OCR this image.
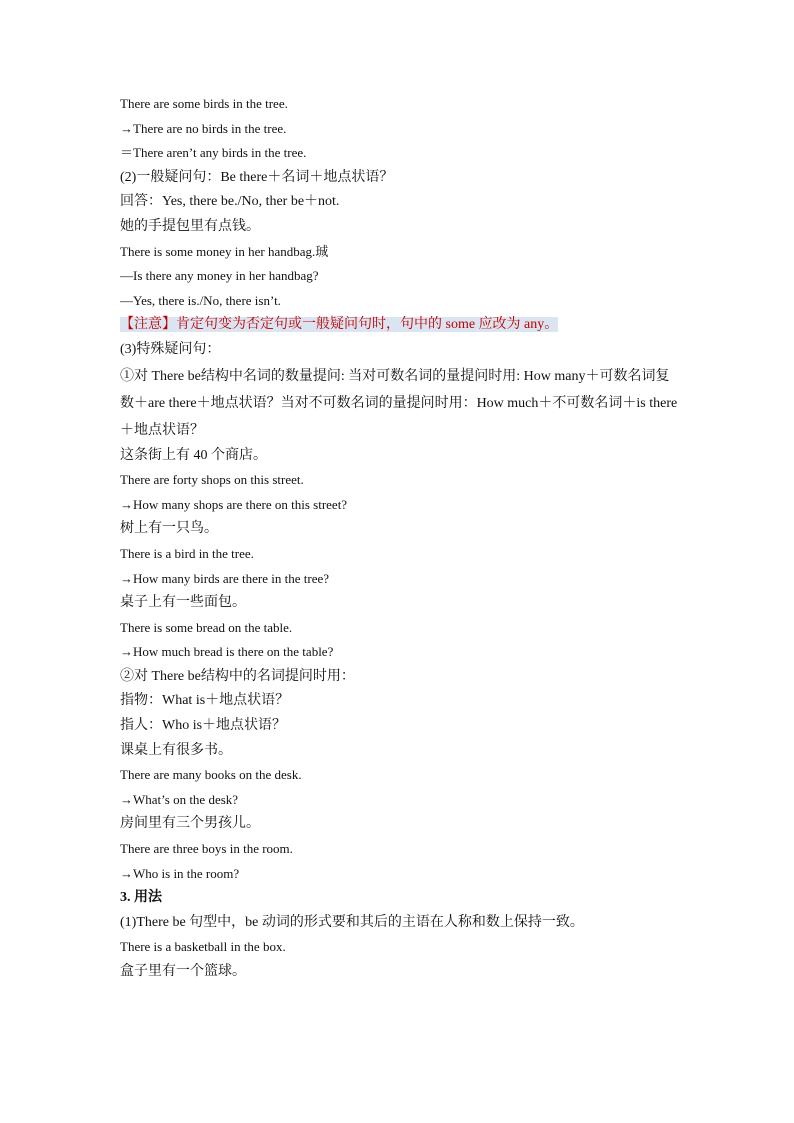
There are some birds in the tree.
→There are no birds in the tree.
＝There aren’t any birds in the tree.
(2)一般疑问句：Be there＋名词＋地点状语？
回答：Yes, there be./No, ther be＋not.
她的手提包里有点钱。
There is some money in her handbag.珹
—Is there any money in her handbag?
—Yes, there is./No, there isn’t.
【注意】肯定句变为否定句或一般疑问句时，句中的 some 应改为 any。
(3)特殊疑问句：
①对 There be结构中名词的数量提问: 当对可数名词的量提问时用: How many＋可数名词复数＋are there＋地点状语？当对不可数名词的量提问时用：How much＋不可数名词＋is there＋地点状语？
这条街上有 40 个商店。
There are forty shops on this street.
→How many shops are there on this street?
树上有一只鸟。
There is a bird in the tree.
→How many birds are there in the tree?
桌子上有一些面包。
There is some bread on the table.
→How much bread is there on the table?
②对 There be结构中的名词提问时用：
指物：What is＋地点状语？
指人：Who is＋地点状语？
课桌上有很多书。
There are many books on the desk.
→What’s on the desk?
房间里有三个男孩儿。
There are three boys in the room.
→Who is in the room?
3. 用法
(1)There be 句型中，be 动词的形式要和其后的主语在人称和数上保持一致。
There is a basketball in the box.
盒子里有一个篮球。
